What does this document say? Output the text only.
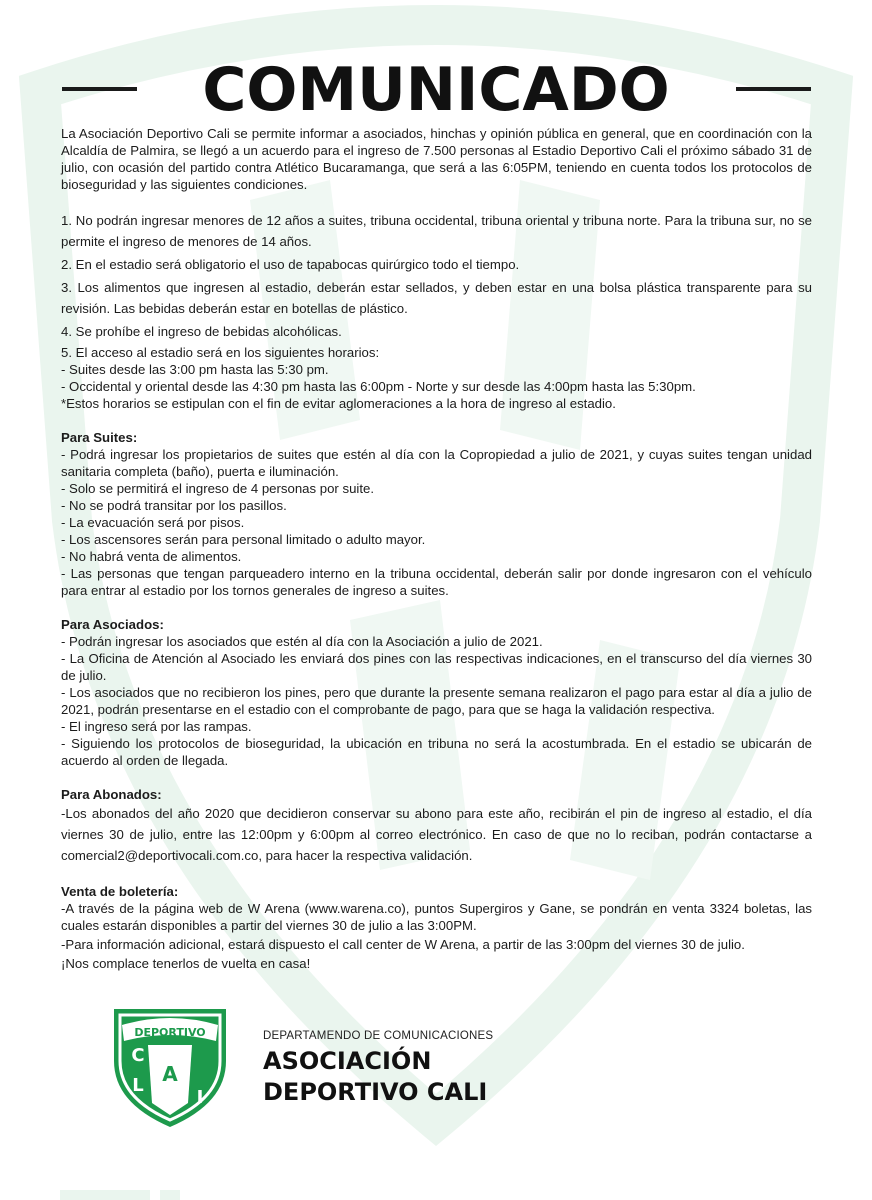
COMUNICADO

La Asociación Deportivo Cali se permite informar a asociados, hinchas y opinión pública en general, que en coordinación con la Alcaldía de Palmira, se llegó a un acuerdo para el ingreso de 7.500 personas al Estadio Deportivo Cali el próximo sábado 31 de julio, con ocasión del partido contra Atlético Bucaramanga, que será a las 6:05PM, teniendo en cuenta todos los protocolos de bioseguridad y las siguientes condiciones.

1. No podrán ingresar menores de 12 años a suites, tribuna occidental, tribuna oriental y tribuna norte. Para la tribuna sur, no se permite el ingreso de menores de 14 años.

2. En el estadio será obligatorio el uso de tapabocas quirúrgico todo el tiempo.

3. Los alimentos que ingresen al estadio, deberán estar sellados, y deben estar en una bolsa plástica transparente para su revisión. Las bebidas deberán estar en botellas de plástico.

4. Se prohíbe el ingreso de bebidas alcohólicas.

5. El acceso al estadio será en los siguientes horarios:

- Suites desde las 3:00 pm hasta las 5:30 pm.

- Occidental y oriental desde las 4:30 pm hasta las 6:00pm - Norte y sur desde las 4:00pm hasta las 5:30pm.

*Estos horarios se estipulan con el fin de evitar aglomeraciones a la hora de ingreso al estadio.

Para Suites:

- Podrá ingresar los propietarios de suites que estén al día con la Copropiedad a julio de 2021, y cuyas suites tengan unidad sanitaria completa (baño), puerta e iluminación.

- Solo se permitirá el ingreso de 4 personas por suite.

- No se podrá transitar por los pasillos.

- La evacuación será por pisos.

- Los ascensores serán para personal limitado o adulto mayor.

- No habrá venta de alimentos.

- Las personas que tengan parqueadero interno en la tribuna occidental, deberán salir por donde ingresaron con el vehículo para entrar al estadio por los tornos generales de ingreso a suites.

Para Asociados:

- Podrán ingresar los asociados que estén al día con la Asociación a julio de 2021.

- La Oficina de Atención al Asociado les enviará dos pines con las respectivas indicaciones, en el transcurso del día viernes 30 de julio.

- Los asociados que no recibieron los pines, pero que durante la presente semana realizaron el pago para estar al día a julio de 2021, podrán presentarse en el estadio con el comprobante de pago, para que se haga la validación respectiva.

- El ingreso será por las rampas.

- Siguiendo los protocolos de bioseguridad, la ubicación en tribuna no será la acostumbrada. En el estadio se ubicarán de acuerdo al orden de llegada.

Para Abonados:

-Los abonados del año 2020 que decidieron conservar su abono para este año, recibirán el pin de ingreso al estadio, el día viernes 30 de julio, entre las 12:00pm y 6:00pm al correo electrónico. En caso de que no lo reciban, podrán contactarse a comercial2@deportivocali.com.co, para hacer la respectiva validación.

Venta de boletería:

-A través de la página web de W Arena (www.warena.co), puntos Supergiros y Gane, se pondrán en venta 3324 boletas, las cuales estarán disponibles a partir del viernes 30 de julio a las 3:00PM.

-Para información adicional, estará dispuesto el call center de W Arena, a partir de las 3:00pm del viernes 30 de julio.

¡Nos complace tenerlos de vuelta en casa!

DEPORTIVO
C
A
L
I
DEPARTAMENDO DE COMUNICACIONES
ASOCIACIÓN
DEPORTIVO CALI
